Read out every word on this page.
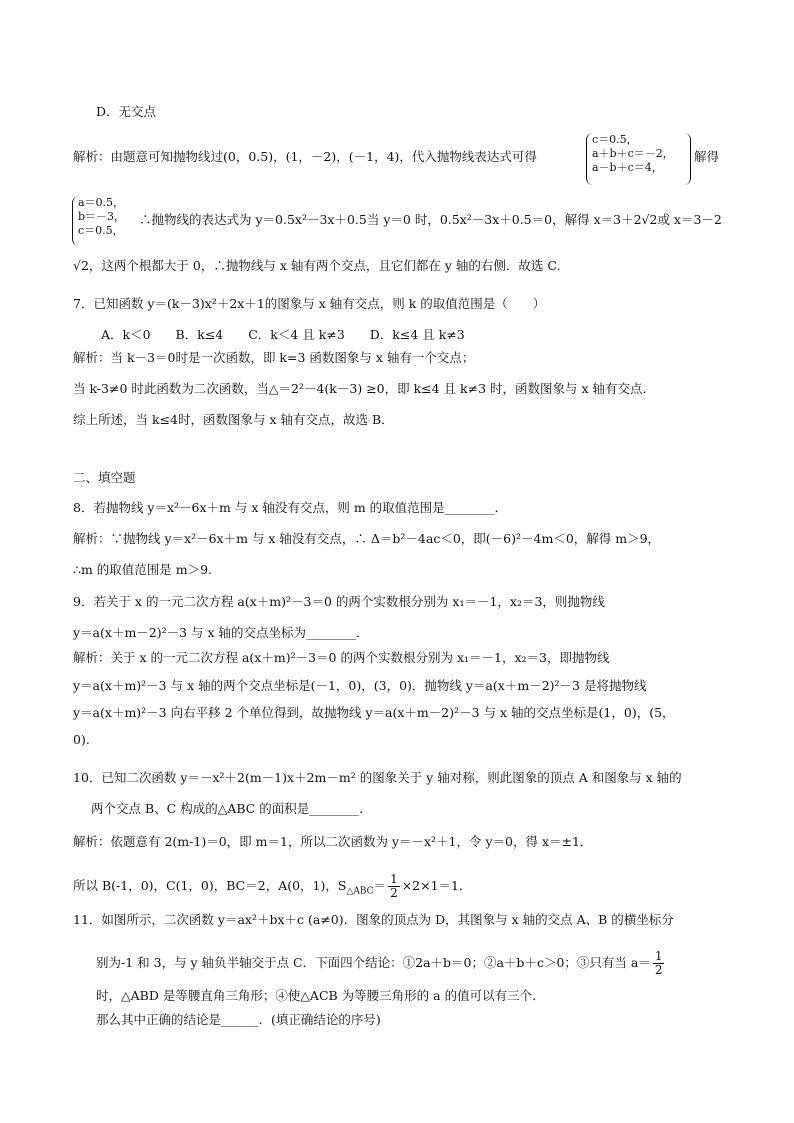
D．无交点
解析：由题意可知抛物线过(0，0.5)，(1，－2)，(－1，4)，代入抛物线表达式可得
c＝0.5，
a＋b＋c＝－2，
a－b＋c＝4，
解得
a＝0.5，
b＝－3，
c＝0.5，
∴抛物线的表达式为 y＝0.5x²－3x＋0.5当 y＝0 时，0.5x²－3x＋0.5＝0，解得 x＝3＋2√2或 x＝3－2
√2，这两个根都大于 0，∴抛物线与 x 轴有两个交点，且它们都在 y 轴的右侧．故选 C.
7．已知函数 y＝(k－3)x²＋2x＋1的图象与 x 轴有交点，则 k 的取值范围是（　　）
A．k＜0　　B．k≤4　　C．k＜4 且 k≠3　　D．k≤4 且 k≠3
解析：当 k－3＝0时是一次函数，即 k=3 函数图象与 x 轴有一个交点；
当 k-3≠0 时此函数为二次函数，当△＝2²－4(k－3) ≥0，即 k≤4 且 k≠3 时，函数图象与 x 轴有交点．
综上所述，当 k≤4时，函数图象与 x 轴有交点，故选 B．
二、填空题
8．若抛物线 y＝x²－6x＋m 与 x 轴没有交点，则 m 的取值范围是________．
解析：∵抛物线 y＝x²－6x＋m 与 x 轴没有交点，∴ Δ＝b²－4ac＜0，即(－6)²－4m＜0，解得 m＞9，
∴m 的取值范围是 m＞9.
9．若关于 x 的一元二次方程 a(x＋m)²－3＝0 的两个实数根分别为 x₁＝－1，x₂＝3，则抛物线
y＝a(x＋m－2)²－3 与 x 轴的交点坐标为________．
解析：关于 x 的一元二次方程 a(x＋m)²－3＝0 的两个实数根分别为 x₁＝－1，x₂＝3，即抛物线
y＝a(x＋m)²－3 与 x 轴的两个交点坐标是(－1，0)，(3，0)．抛物线 y＝a(x＋m－2)²－3 是将抛物线
y＝a(x＋m)²－3 向右平移 2 个单位得到，故抛物线 y＝a(x＋m－2)²－3 与 x 轴的交点坐标是(1，0)，(5，
0).
10．已知二次函数 y＝－x²＋2(m－1)x＋2m－m² 的图象关于 y 轴对称，则此图象的顶点 A 和图象与 x 轴的
两个交点 B、C 构成的△ABC 的面积是________．
解析：依题意有 2(m-1)＝0，即 m＝1，所以二次函数为 y＝－x²＋1，令 y＝0，得 x＝±1．
所以 B(-1，0)，C(1，0)，BC＝2，A(0，1)，$S_{\triangle ABC}= \frac{1}{2} \times 2\times 1=1$．
11．如图所示，二次函数 y＝ax²＋bx＋c (a≠0)．图象的顶点为 D，其图象与 x 轴的交点 A、B 的横坐标分
别为-1 和 3，与 y 轴负半轴交于点 C．下面四个结论：①2a＋b＝0；②a＋b＋c＞0；③只有当 $a= \frac{1}{2}$
时，△ABD 是等腰直角三角形；④使△ACB 为等腰三角形的 a 的值可以有三个．
那么其中正确的结论是______．(填正确结论的序号)
